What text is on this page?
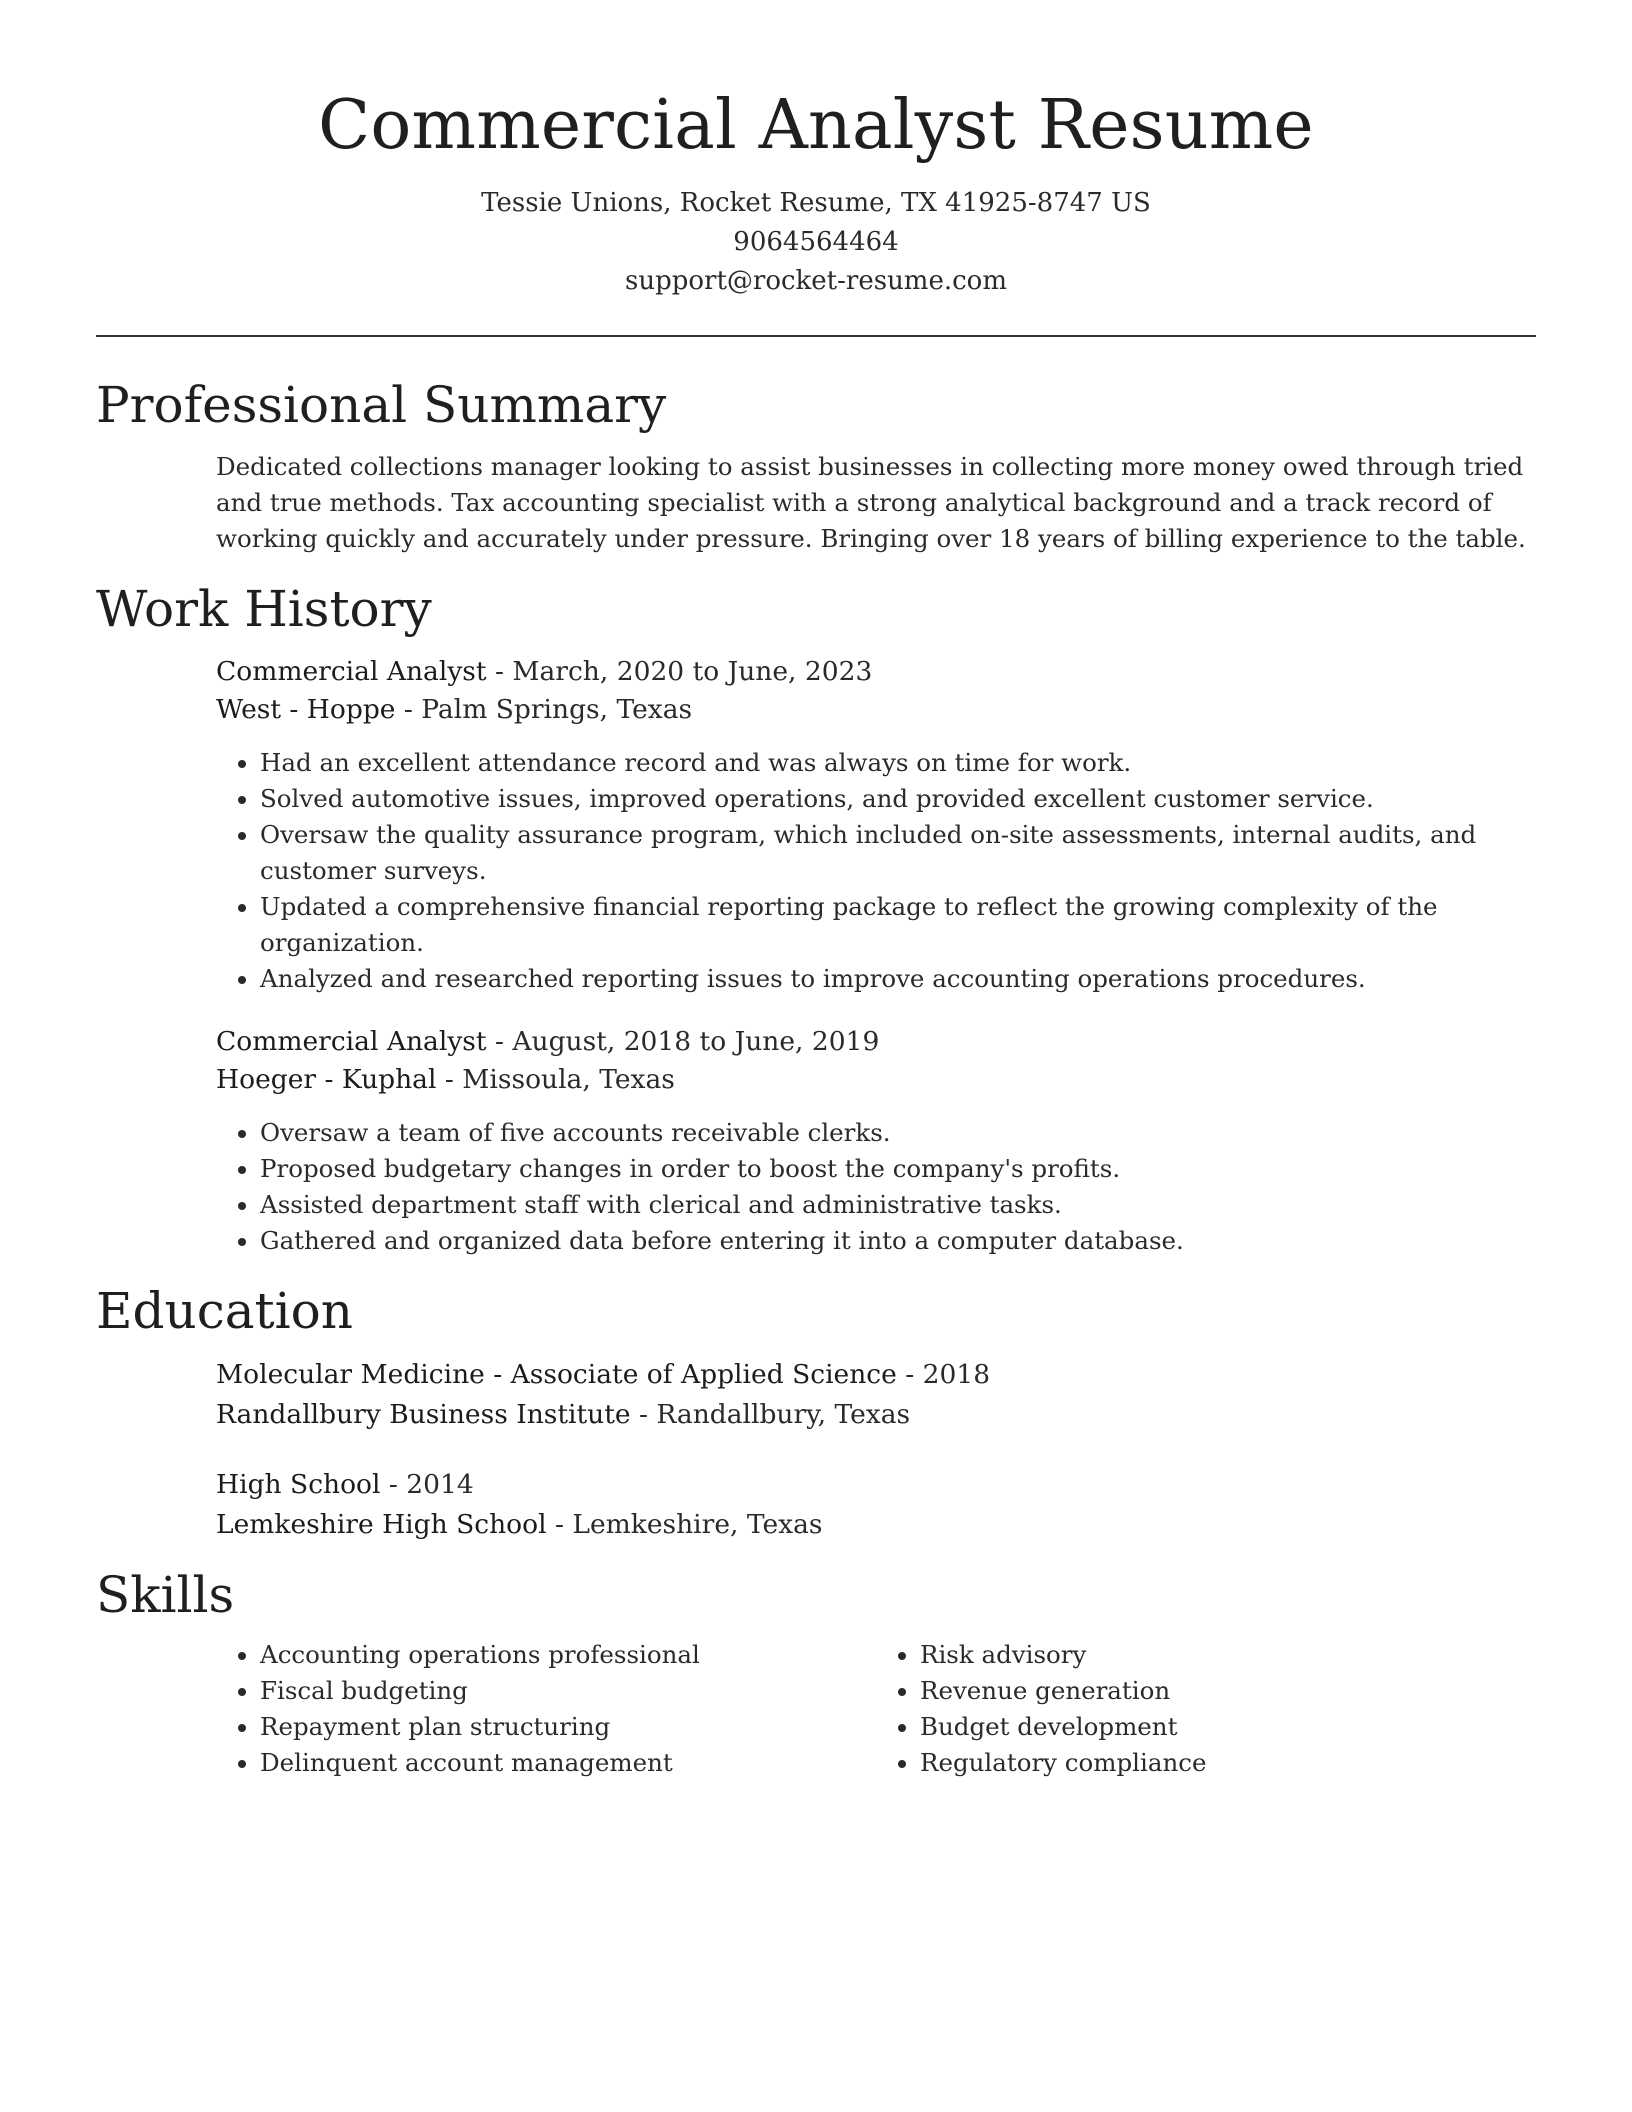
Commercial Analyst Resume
Tessie Unions, Rocket Resume, TX 41925-8747 US
9064564464
support@rocket-resume.com
Professional Summary

Dedicated collections manager looking to assist businesses in collecting more money owed through tried and true methods. Tax accounting specialist with a strong analytical background and a track record of working quickly and accurately under pressure. Bringing over 18 years of billing experience to the table.

Work History
Commercial Analyst - March, 2020 to June, 2023
West - Hoppe - Palm Springs, Texas
• Had an excellent attendance record and was always on time for work.
• Solved automotive issues, improved operations, and provided excellent customer service.
• Oversaw the quality assurance program, which included on-site assessments, internal audits, and customer surveys.
• Updated a comprehensive financial reporting package to reflect the growing complexity of the organization.
• Analyzed and researched reporting issues to improve accounting operations procedures.
Commercial Analyst - August, 2018 to June, 2019
Hoeger - Kuphal - Missoula, Texas
• Oversaw a team of five accounts receivable clerks.
• Proposed budgetary changes in order to boost the company's profits.
• Assisted department staff with clerical and administrative tasks.
• Gathered and organized data before entering it into a computer database.
Education
Molecular Medicine - Associate of Applied Science - 2018
Randallbury Business Institute - Randallbury, Texas
High School - 2014
Lemkeshire High School - Lemkeshire, Texas
Skills
• Accounting operations professional
• Fiscal budgeting
• Repayment plan structuring
• Delinquent account management
• Risk advisory
• Revenue generation
• Budget development
• Regulatory compliance
